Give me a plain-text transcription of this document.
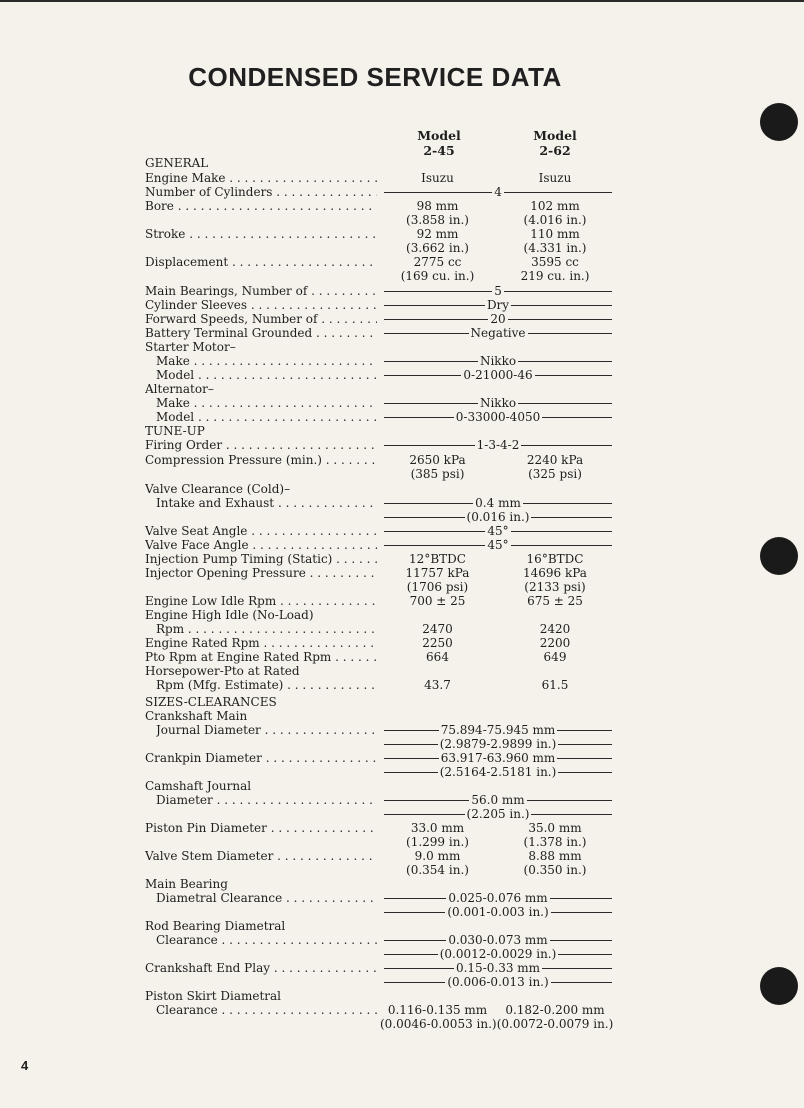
CONDENSED SERVICE DATA
Model
2-45
Model
2-62
GENERAL
Engine Make . . .	Isuzu	Isuzu
Number of Cylinders . . .	4
Bore . . .	98 mm	102 mm
(3.858 in.)	(4.016 in.)
Stroke . . .	92 mm	110 mm
(3.662 in.)	(4.331 in.)
Displacement . . .	2775 cc	3595 cc
(169 cu. in.)	219 cu. in.)
Main Bearings, Number of . . .	5
Cylinder Sleeves . . .	Dry
Forward Speeds, Number of . . .	20
Battery Terminal Grounded . . .	Negative
Starter Motor–
Make . . .	Nikko
Model . . .	0-21000-46
Alternator–
Make . . .	Nikko
Model . . .	0-33000-4050
TUNE-UP
Firing Order . . .	1-3-4-2
Compression Pressure (min.) . . .	2650 kPa	2240 kPa
(385 psi)	(325 psi)
Valve Clearance (Cold)–
Intake and Exhaust . . .	0.4 mm
(0.016 in.)
Valve Seat Angle . . .	45°
Valve Face Angle . . .	45°
Injection Pump Timing (Static) . . .	12°BTDC	16°BTDC
Injector Opening Pressure . . .	11757 kPa	14696 kPa
(1706 psi)	(2133 psi)
Engine Low Idle Rpm . . .	700 ± 25	675 ± 25
Engine High Idle (No-Load)
Rpm . . .	2470	2420
Engine Rated Rpm . . .	2250	2200
Pto Rpm at Engine Rated Rpm . . .	664	649
Horsepower-Pto at Rated
Rpm (Mfg. Estimate) . . .	43.7	61.5
SIZES-CLEARANCES
Crankshaft Main
Journal Diameter . . .	75.894-75.945 mm
(2.9879-2.9899 in.)
Crankpin Diameter . . .	63.917-63.960 mm
(2.5164-2.5181 in.)
Camshaft Journal
Diameter . . .	56.0 mm
(2.205 in.)
Piston Pin Diameter . . .	33.0 mm	35.0 mm
(1.299 in.)	(1.378 in.)
Valve Stem Diameter . . .	9.0 mm	8.88 mm
(0.354 in.)	(0.350 in.)
Main Bearing
Diametral Clearance . . .	0.025-0.076 mm
(0.001-0.003 in.)
Rod Bearing Diametral
Clearance . . .	0.030-0.073 mm
(0.0012-0.0029 in.)
Crankshaft End Play . . .	0.15-0.33 mm
(0.006-0.013 in.)
Piston Skirt Diametral
Clearance . . .	0.116-0.135 mm	0.182-0.200 mm
(0.0046-0.0053 in.) (0.0072-0.0079 in.)
4
